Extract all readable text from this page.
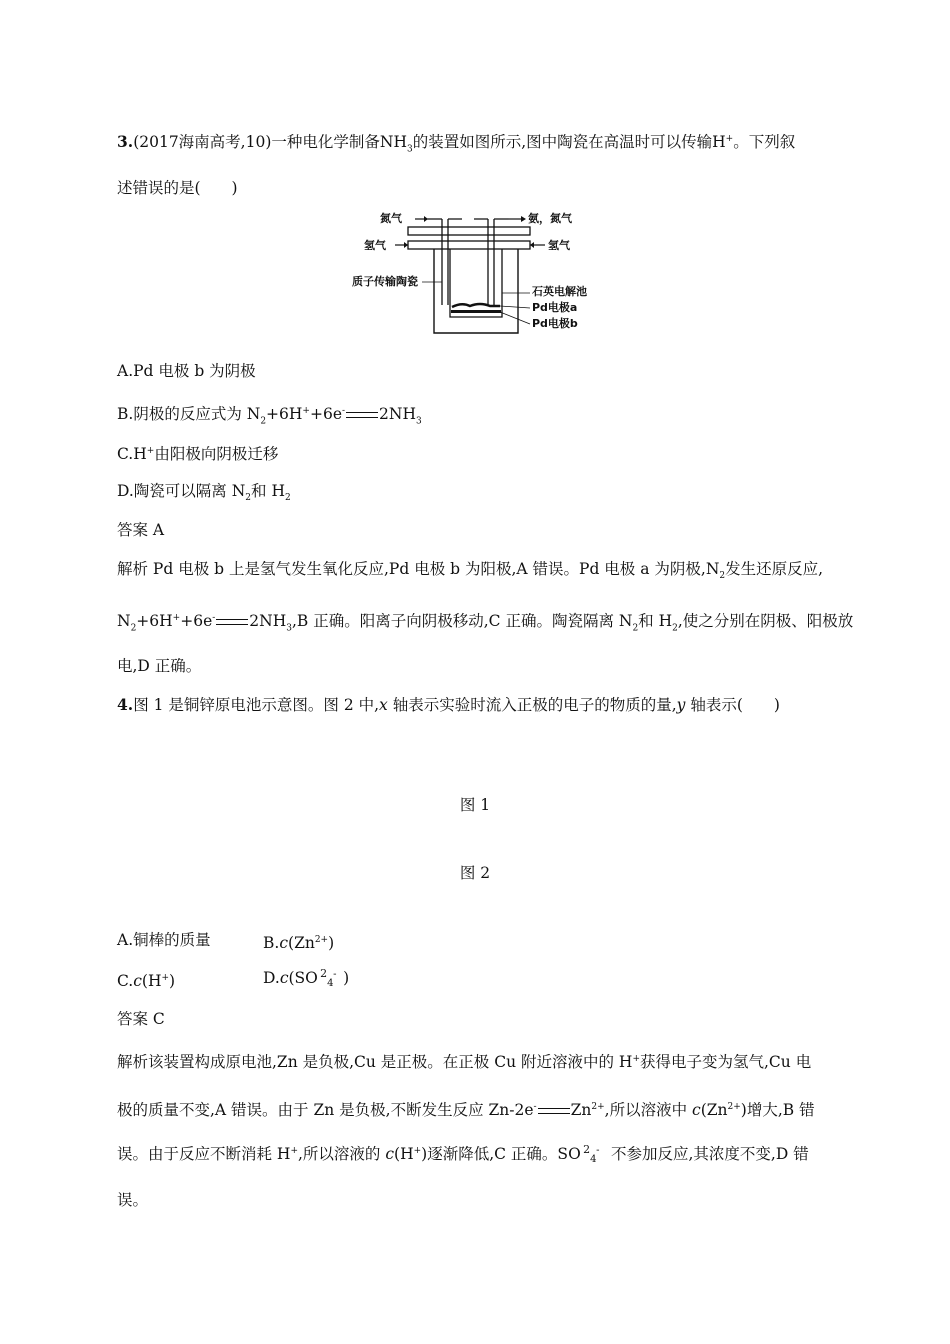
3.(2017海南高考,10)一种电化学制备$NH_3$的装置如图所示,图中陶瓷在高温时可以传输H+。下列叙
述错误的是(　　)
氮气	氨，氮气
氢气	氢气
质子传输陶瓷
石英电解池
Pd电极a
Pd电极b
A.Pd 电极 b 为阴极
B.阴极的反应式为 $N_2+6H^++6e^-$ $2NH_3$
C.H+由阳极向阴极迁移
D.陶瓷可以隔离 $N_2$和 $H_2$
答案 A
解析 Pd 电极 b 上是氢气发生氧化反应,Pd 电极 b 为阳极,A 错误。Pd 电极 a 为阴极$,N_2$发生还原反应,
$N_2+6H^++6e^-$ $2NH_3,B$ 正确。阳离子向阴极移动,C 正确。陶瓷隔离 $N_2$和 $H_2$,使之分别在阴极、阳极放
电,D 正确。
4.图 1 是铜锌原电池示意图。图 2 中,x 轴表示实验时流入正极的电子的物质的量,y 轴表示(　　)
图 1
图 2
A.铜棒的质量	$B.c(Zn^{2+})$
C.c(H+)	D.c(SO 2
4
- )
答案 C
解析该装置构成原电池,Zn 是负极,Cu 是正极。在正极 Cu 附近溶液中的 H+获得电子变为氢气,Cu 电
极的质量不变,A 错误。由于 Zn 是负极,不断发生反应 Zn-2e- $Zn^{2+}$,所以溶液中 $c(Zn^{2+})$增大,B 错
误。由于反应不断消耗 H+,所以溶液的 c(H+)逐渐降低,C 正确。SO 2
4
- 不参加反应,其浓度不变,D 错
误。
